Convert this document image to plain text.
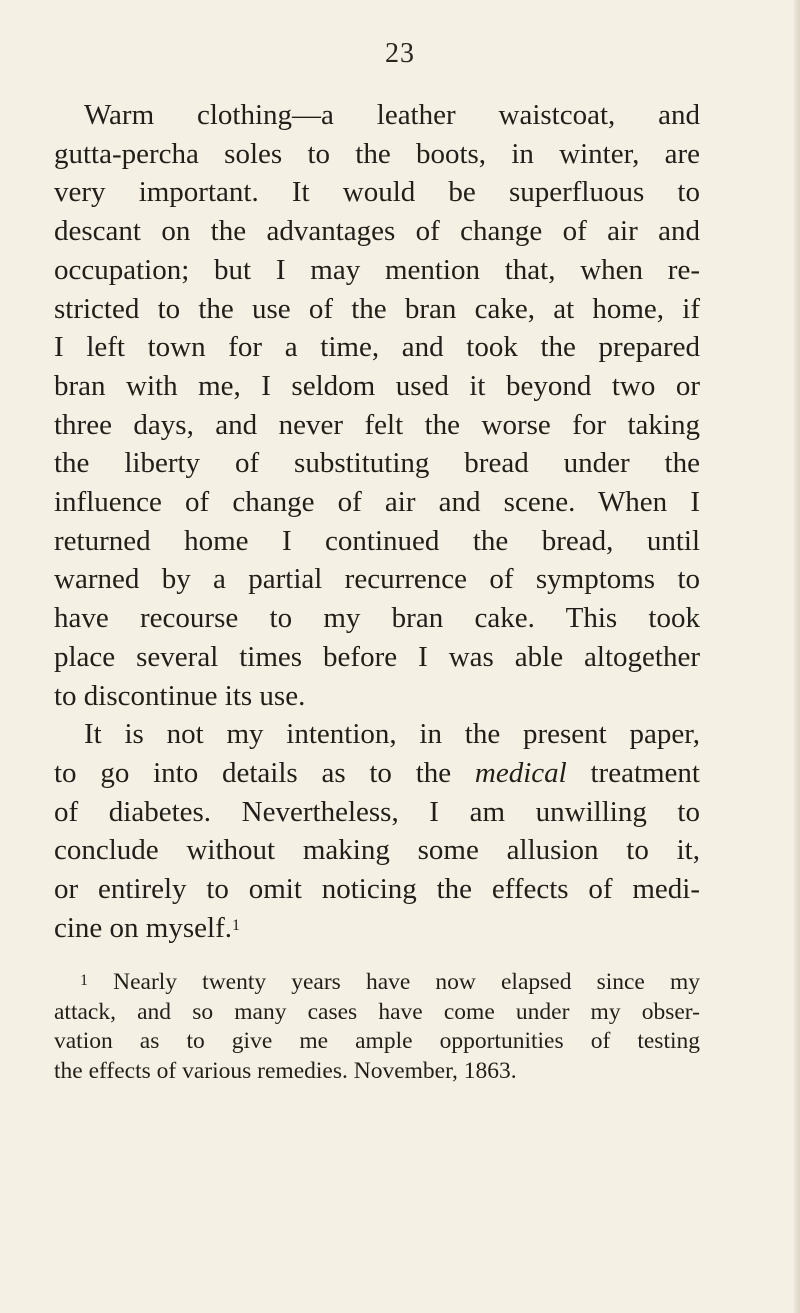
23

Warm clothing—a leather waistcoat, and
gutta-percha soles to the boots, in winter, are
very important. It would be superfluous to
descant on the advantages of change of air and
occupation; but I may mention that, when re-
stricted to the use of the bran cake, at home, if
I left town for a time, and took the prepared
bran with me, I seldom used it beyond two or
three days, and never felt the worse for taking
the liberty of substituting bread under the
influence of change of air and scene. When I
returned home I continued the bread, until
warned by a partial recurrence of symptoms to
have recourse to my bran cake. This took
place several times before I was able altogether
to discontinue its use.

It is not my intention, in the present paper,
to go into details as to the medical treatment
of diabetes. Nevertheless, I am unwilling to
conclude without making some allusion to it,
or entirely to omit noticing the effects of medi-
cine on myself.$^1$

$^1$ Nearly twenty years have now elapsed since my
attack, and so many cases have come under my obser-
vation as to give me ample opportunities of testing
the effects of various remedies. November, 1863.
